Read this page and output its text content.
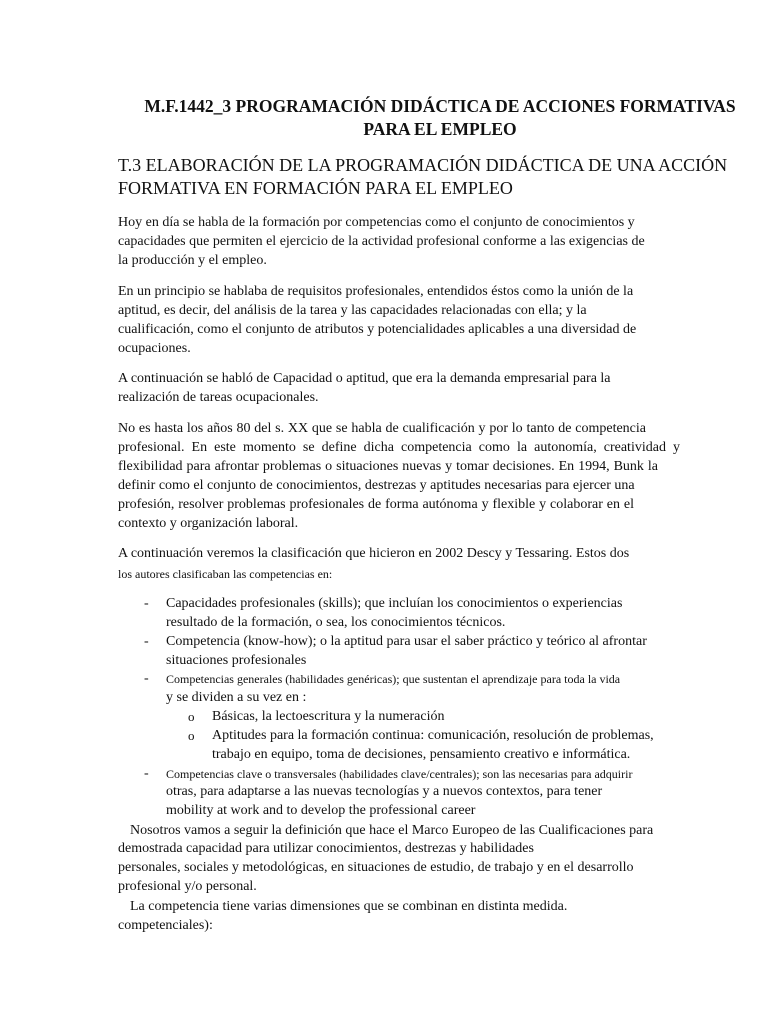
M.F.1442_3 PROGRAMACIÓN DIDÁCTICA DE ACCIONES FORMATIVAS
PARA EL EMPLEO
T.3 ELABORACIÓN DE LA PROGRAMACIÓN DIDÁCTICA DE UNA ACCIÓN
FORMATIVA EN FORMACIÓN PARA EL EMPLEO
Hoy en día se habla de la formación por competencias como el conjunto de conocimientos y
capacidades que permiten el ejercicio de la actividad profesional conforme a las exigencias de
la producción y el empleo.
En un principio se hablaba de requisitos profesionales, entendidos éstos como la unión de la
aptitud, es decir, del análisis de la tarea y las capacidades relacionadas con ella; y la
cualificación, como el conjunto de atributos y potencialidades aplicables a una diversidad de
ocupaciones.
A continuación se habló de Capacidad o aptitud, que era la demanda empresarial para la
realización de tareas ocupacionales.
No es hasta los años 80 del s. XX que se habla de cualificación y por lo tanto de competencia
profesional. En este momento se define dicha competencia como la autonomía, creatividad y
flexibilidad para afrontar problemas o situaciones nuevas y tomar decisiones. En 1994, Bunk la
definir como el conjunto de conocimientos, destrezas y aptitudes necesarias para ejercer una
profesión, resolver problemas profesionales de forma autónoma y flexible y colaborar en el
contexto y organización laboral.
A continuación veremos la clasificación que hicieron en 2002 Descy y Tessaring. Estos dos
los autores clasificaban las competencias en:
- Capacidades profesionales (skills); que incluían los conocimientos o experiencias
resultado de la formación, o sea, los conocimientos técnicos.
- Competencia (know-how); o la aptitud para usar el saber práctico y teórico al afrontar
situaciones profesionales
- Competencias generales (habilidades genéricas); que sustentan el aprendizaje para toda la vida
y se dividen a su vez en :
o Básicas, la lectoescritura y la numeración
o Aptitudes para la formación continua: comunicación, resolución de problemas,
trabajo en equipo, toma de decisiones, pensamiento creativo e informática.
- Competencias clave o transversales (habilidades clave/centrales); son las necesarias para adquirir
otras, para adaptarse a las nuevas tecnologías y a nuevos contextos, para tener
mobility at work and to develop the professional career
Nosotros vamos a seguir la definición que hace el Marco Europeo de las Cualificaciones para
demostrada capacidad para utilizar conocimientos, destrezas y habilidades
personales, sociales y metodológicas, en situaciones de estudio, de trabajo y en el desarrollo
profesional y/o personal.
La competencia tiene varias dimensiones que se combinan en distinta medida.
competenciales):
